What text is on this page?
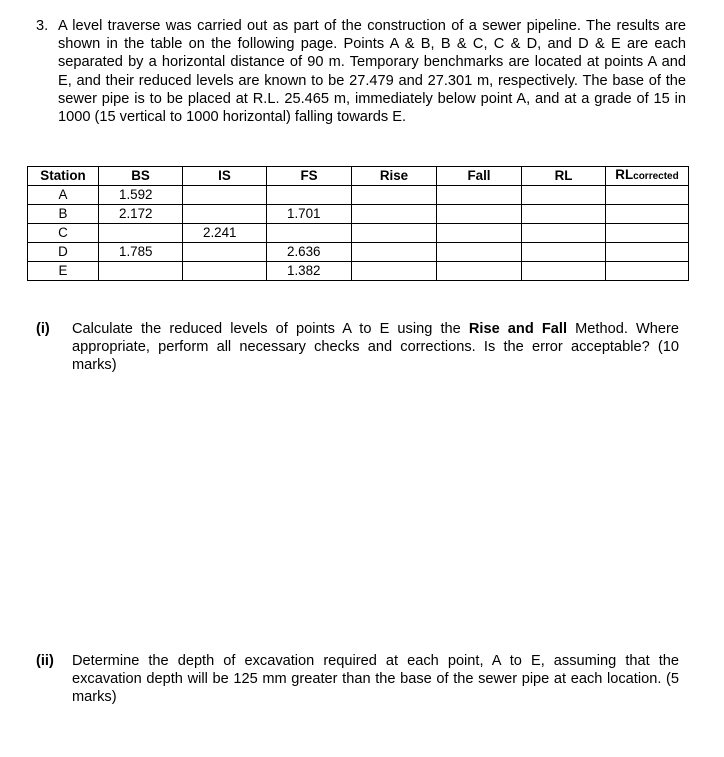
3. A level traverse was carried out as part of the construction of a sewer pipeline. The results are shown in the table on the following page. Points A & B, B & C, C & D, and D & E are each separated by a horizontal distance of 90 m. Temporary benchmarks are located at points A and E, and their reduced levels are known to be 27.479 and 27.301 m, respectively. The base of the sewer pipe is to be placed at R.L. 25.465 m, immediately below point A, and at a grade of 15 in 1000 (15 vertical to 1000 horizontal) falling towards E.
Station	BS	IS	FS	Rise	Fall	RL	RLcorrected
A	1.592						
B	2.172		1.701				
C		2.241					
D	1.785		2.636				
E			1.382				
(i) Calculate the reduced levels of points A to E using the Rise and Fall Method. Where appropriate, perform all necessary checks and corrections. Is the error acceptable? (10 marks)
(ii) Determine the depth of excavation required at each point, A to E, assuming that the excavation depth will be 125 mm greater than the base of the sewer pipe at each location. (5 marks)
